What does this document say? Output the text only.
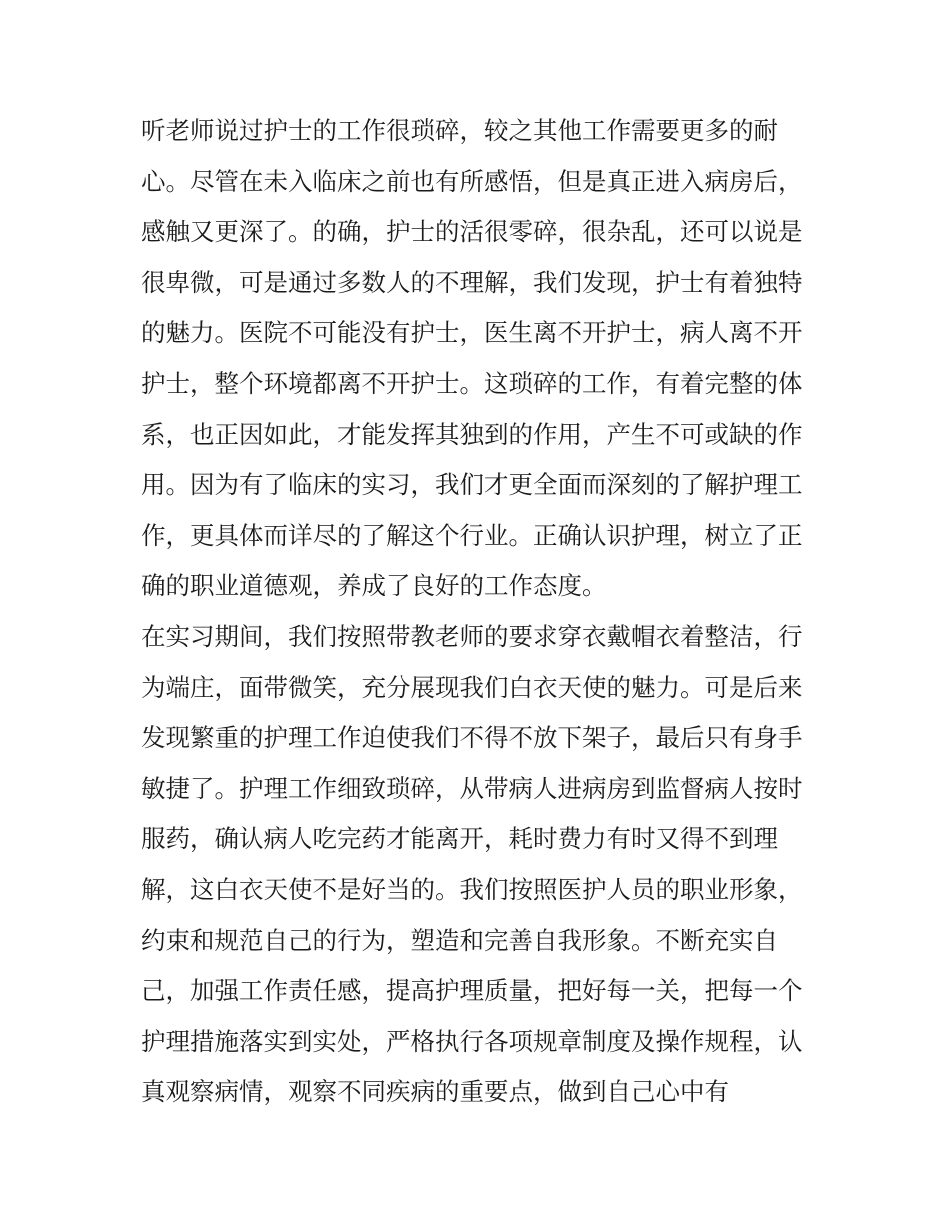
听老师说过护士的工作很琐碎，较之其他工作需要更多的耐
心。尽管在未入临床之前也有所感悟，但是真正进入病房后，
感触又更深了。的确，护士的活很零碎，很杂乱，还可以说是
很卑微，可是通过多数人的不理解，我们发现，护士有着独特
的魅力。医院不可能没有护士，医生离不开护士，病人离不开
护士，整个环境都离不开护士。这琐碎的工作，有着完整的体
系，也正因如此，才能发挥其独到的作用，产生不可或缺的作
用。因为有了临床的实习，我们才更全面而深刻的了解护理工
作，更具体而详尽的了解这个行业。正确认识护理，树立了正
确的职业道德观，养成了良好的工作态度。
在实习期间，我们按照带教老师的要求穿衣戴帽衣着整洁，行
为端庄，面带微笑，充分展现我们白衣天使的魅力。可是后来
发现繁重的护理工作迫使我们不得不放下架子，最后只有身手
敏捷了。护理工作细致琐碎，从带病人进病房到监督病人按时
服药，确认病人吃完药才能离开，耗时费力有时又得不到理
解，这白衣天使不是好当的。我们按照医护人员的职业形象，
约束和规范自己的行为，塑造和完善自我形象。不断充实自
己，加强工作责任感，提高护理质量，把好每一关，把每一个
护理措施落实到实处，严格执行各项规章制度及操作规程，认
真观察病情，观察不同疾病的重要点，做到自己心中有
